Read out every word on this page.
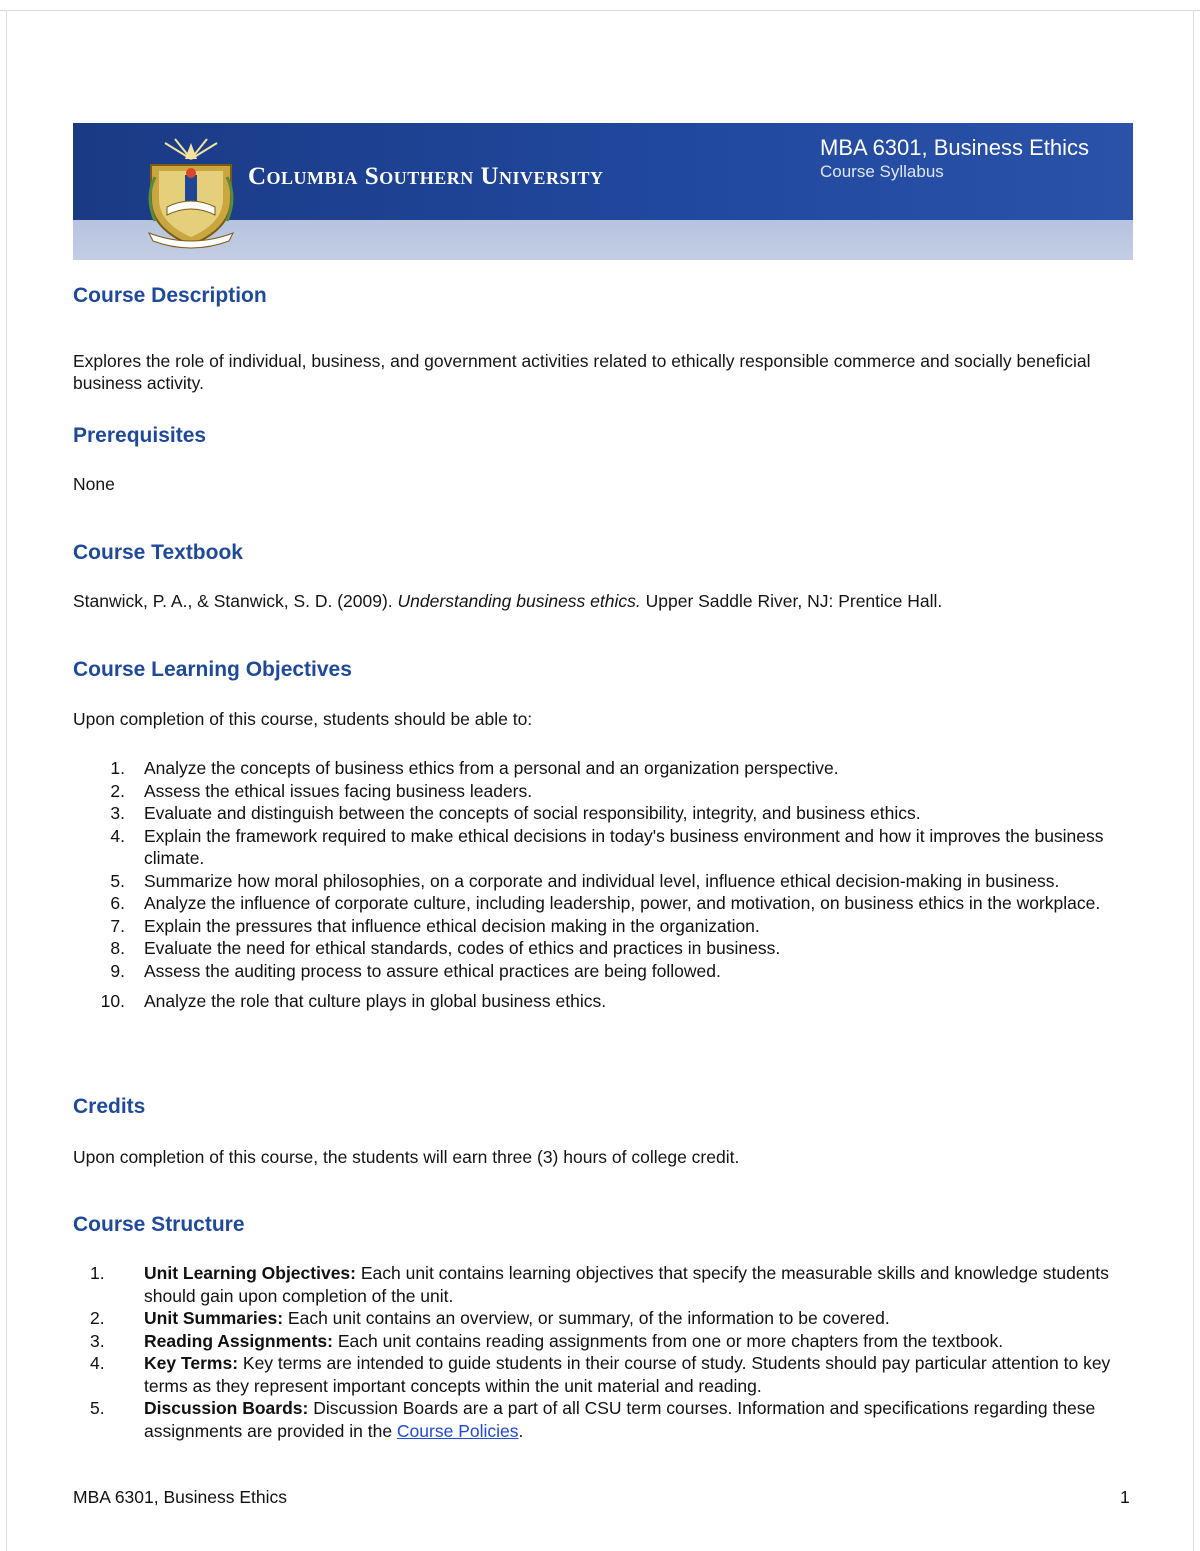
Columbia Southern University
MBA 6301, Business Ethics
Course Syllabus
Course Description

Explores the role of individual, business, and government activities related to ethically responsible commerce and socially beneficial business activity.

Prerequisites

None

Course Textbook

Stanwick, P. A., & Stanwick, S. D. (2009). Understanding business ethics. Upper Saddle River, NJ: Prentice Hall.

Course Learning Objectives

Upon completion of this course, students should be able to:

1. Analyze the concepts of business ethics from a personal and an organization perspective.
2. Assess the ethical issues facing business leaders.
3. Evaluate and distinguish between the concepts of social responsibility, integrity, and business ethics.
4. Explain the framework required to make ethical decisions in today's business environment and how it improves the business climate.
5. Summarize how moral philosophies, on a corporate and individual level, influence ethical decision-making in business.
6. Analyze the influence of corporate culture, including leadership, power, and motivation, on business ethics in the workplace.
7. Explain the pressures that influence ethical decision making in the organization.
8. Evaluate the need for ethical standards, codes of ethics and practices in business.
9. Assess the auditing process to assure ethical practices are being followed.
10. Analyze the role that culture plays in global business ethics.
Credits

Upon completion of this course, the students will earn three (3) hours of college credit.

Course Structure
1. Unit Learning Objectives: Each unit contains learning objectives that specify the measurable skills and knowledge students should gain upon completion of the unit.
2. Unit Summaries: Each unit contains an overview, or summary, of the information to be covered.
3. Reading Assignments: Each unit contains reading assignments from one or more chapters from the textbook.
4. Key Terms: Key terms are intended to guide students in their course of study. Students should pay particular attention to key terms as they represent important concepts within the unit material and reading.
5. Discussion Boards: Discussion Boards are a part of all CSU term courses. Information and specifications regarding these assignments are provided in the Course Policies.
MBA 6301, Business Ethics	1
